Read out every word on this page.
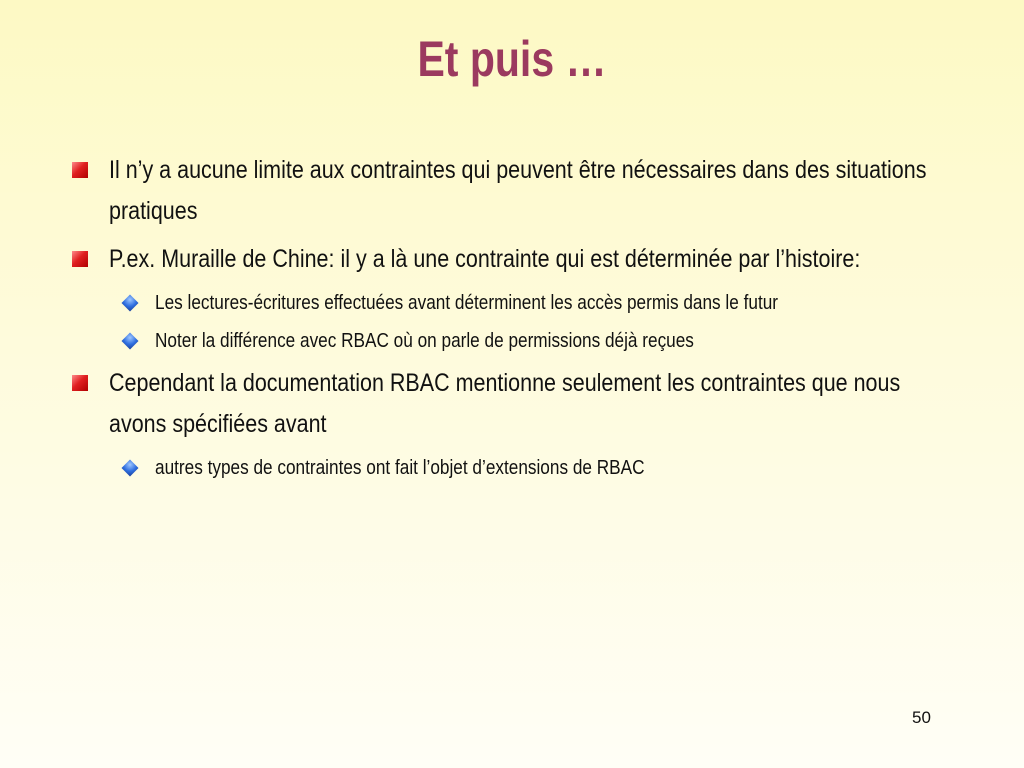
Et puis …
Il n’y a aucune limite aux contraintes qui peuvent être nécessaires dans des situations pratiques
P.ex. Muraille de Chine: il y a là une contrainte qui est déterminée par l’histoire:
Les lectures-écritures effectuées avant déterminent les accès permis dans le futur
Noter la différence avec RBAC où on parle de permissions déjà reçues
Cependant la documentation RBAC mentionne seulement les contraintes que nous avons spécifiées avant
autres types de contraintes ont fait l’objet d’extensions de RBAC
50
